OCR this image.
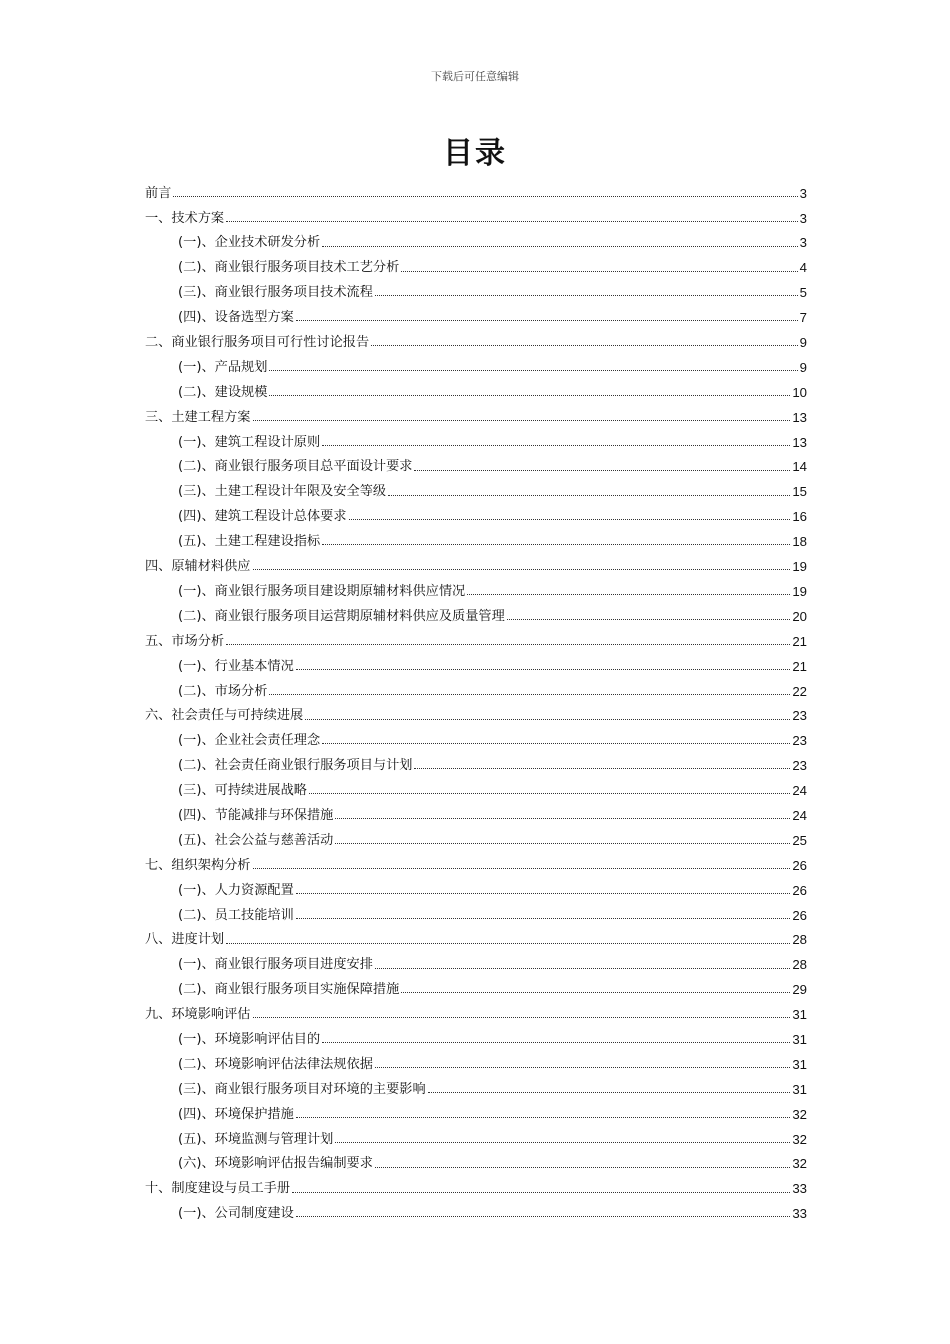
下载后可任意编辑
目录
前言	3
一、技术方案	3
(一)、企业技术研发分析	3
(二)、商业银行服务项目技术工艺分析	4
(三)、商业银行服务项目技术流程	5
(四)、设备选型方案	7
二、商业银行服务项目可行性讨论报告	9
(一)、产品规划	9
(二)、建设规模	10
三、土建工程方案	13
(一)、建筑工程设计原则	13
(二)、商业银行服务项目总平面设计要求	14
(三)、土建工程设计年限及安全等级	15
(四)、建筑工程设计总体要求	16
(五)、土建工程建设指标	18
四、原辅材料供应	19
(一)、商业银行服务项目建设期原辅材料供应情况	19
(二)、商业银行服务项目运营期原辅材料供应及质量管理	20
五、市场分析	21
(一)、行业基本情况	21
(二)、市场分析	22
六、社会责任与可持续进展	23
(一)、企业社会责任理念	23
(二)、社会责任商业银行服务项目与计划	23
(三)、可持续进展战略	24
(四)、节能减排与环保措施	24
(五)、社会公益与慈善活动	25
七、组织架构分析	26
(一)、人力资源配置	26
(二)、员工技能培训	26
八、进度计划	28
(一)、商业银行服务项目进度安排	28
(二)、商业银行服务项目实施保障措施	29
九、环境影响评估	31
(一)、环境影响评估目的	31
(二)、环境影响评估法律法规依据	31
(三)、商业银行服务项目对环境的主要影响	31
(四)、环境保护措施	32
(五)、环境监测与管理计划	32
(六)、环境影响评估报告编制要求	32
十、制度建设与员工手册	33
(一)、公司制度建设	33
